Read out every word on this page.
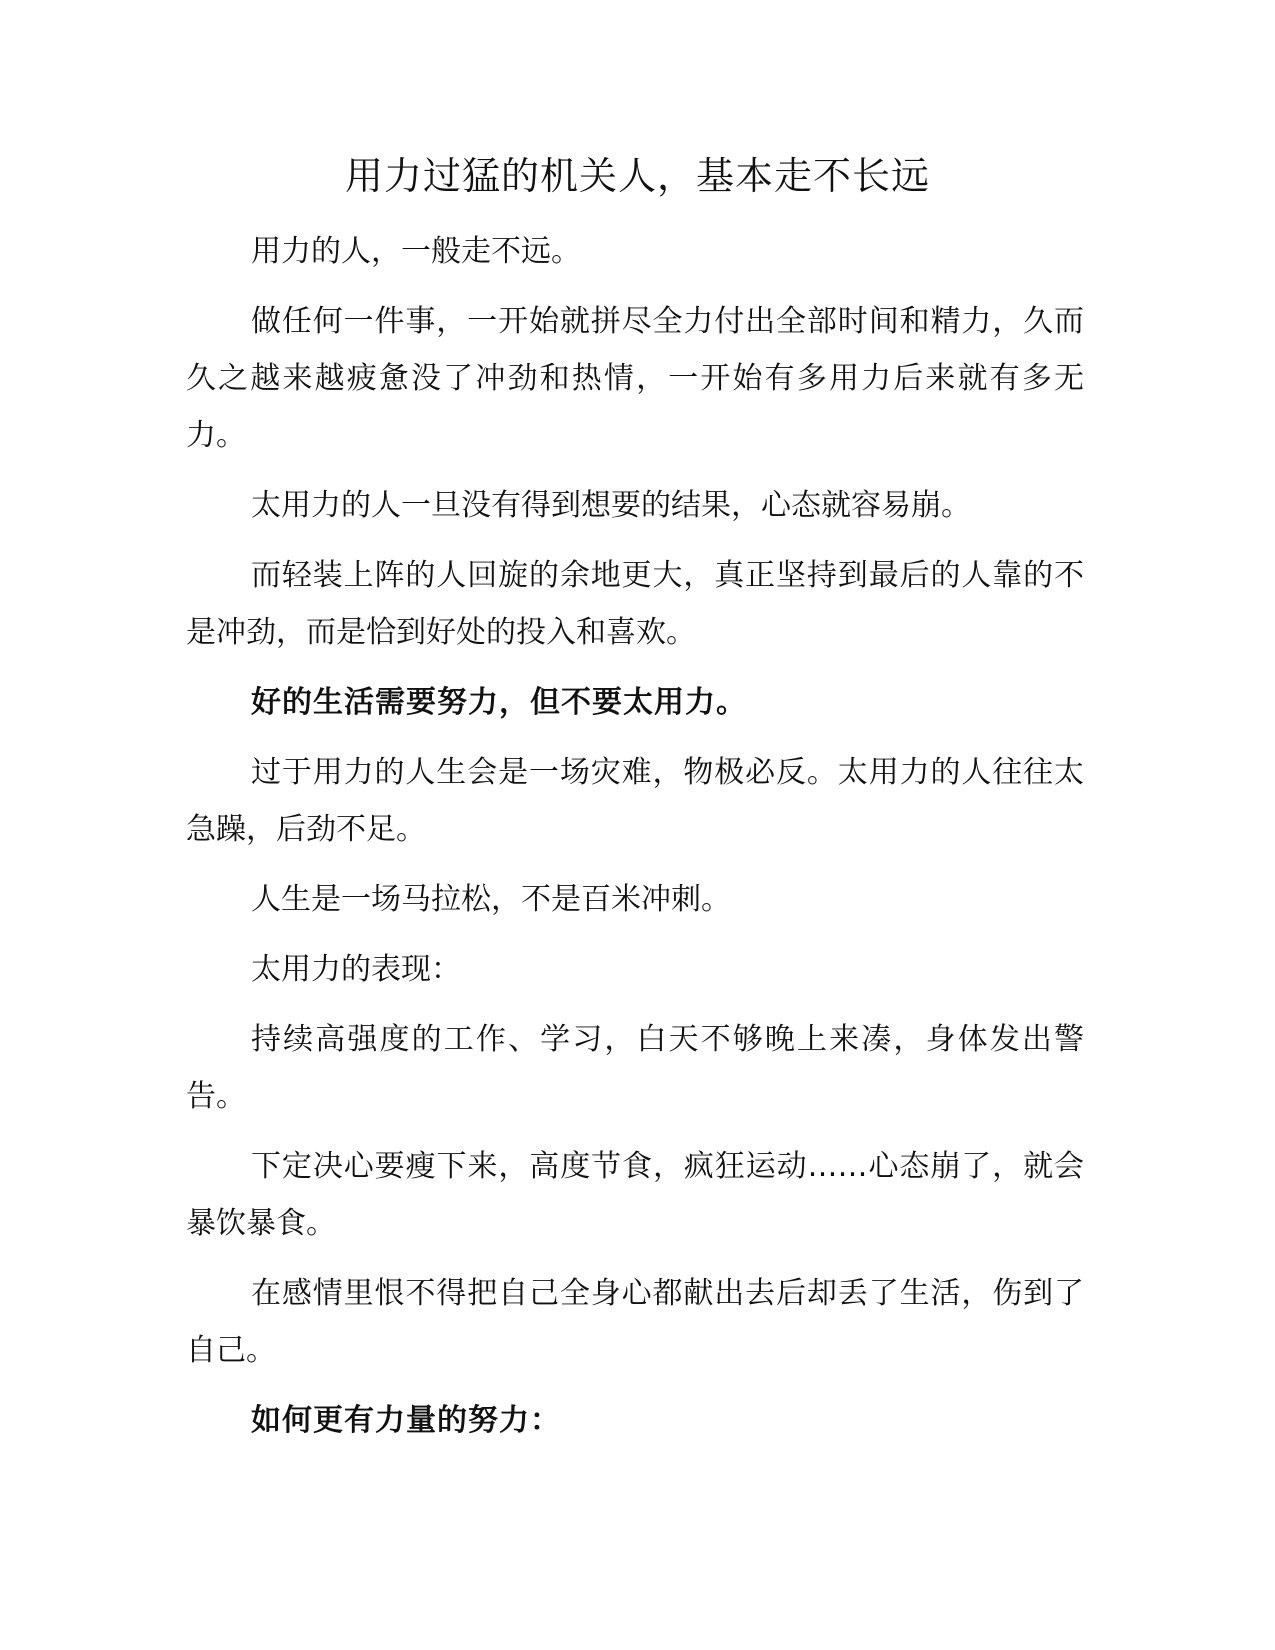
用力过猛的机关人，基本走不长远

用力的人，一般走不远。

做任何一件事，一开始就拼尽全力付出全部时间和精力，久而久之越来越疲惫没了冲劲和热情，一开始有多用力后来就有多无力。

太用力的人一旦没有得到想要的结果，心态就容易崩。

而轻装上阵的人回旋的余地更大，真正坚持到最后的人靠的不是冲劲，而是恰到好处的投入和喜欢。

好的生活需要努力，但不要太用力。

过于用力的人生会是一场灾难，物极必反。太用力的人往往太急躁，后劲不足。

人生是一场马拉松，不是百米冲刺。

太用力的表现：

持续高强度的工作、学习，白天不够晚上来凑，身体发出警告。

下定决心要瘦下来，高度节食，疯狂运动……心态崩了，就会暴饮暴食。

在感情里恨不得把自己全身心都献出去后却丢了生活，伤到了自己。

如何更有力量的努力：
